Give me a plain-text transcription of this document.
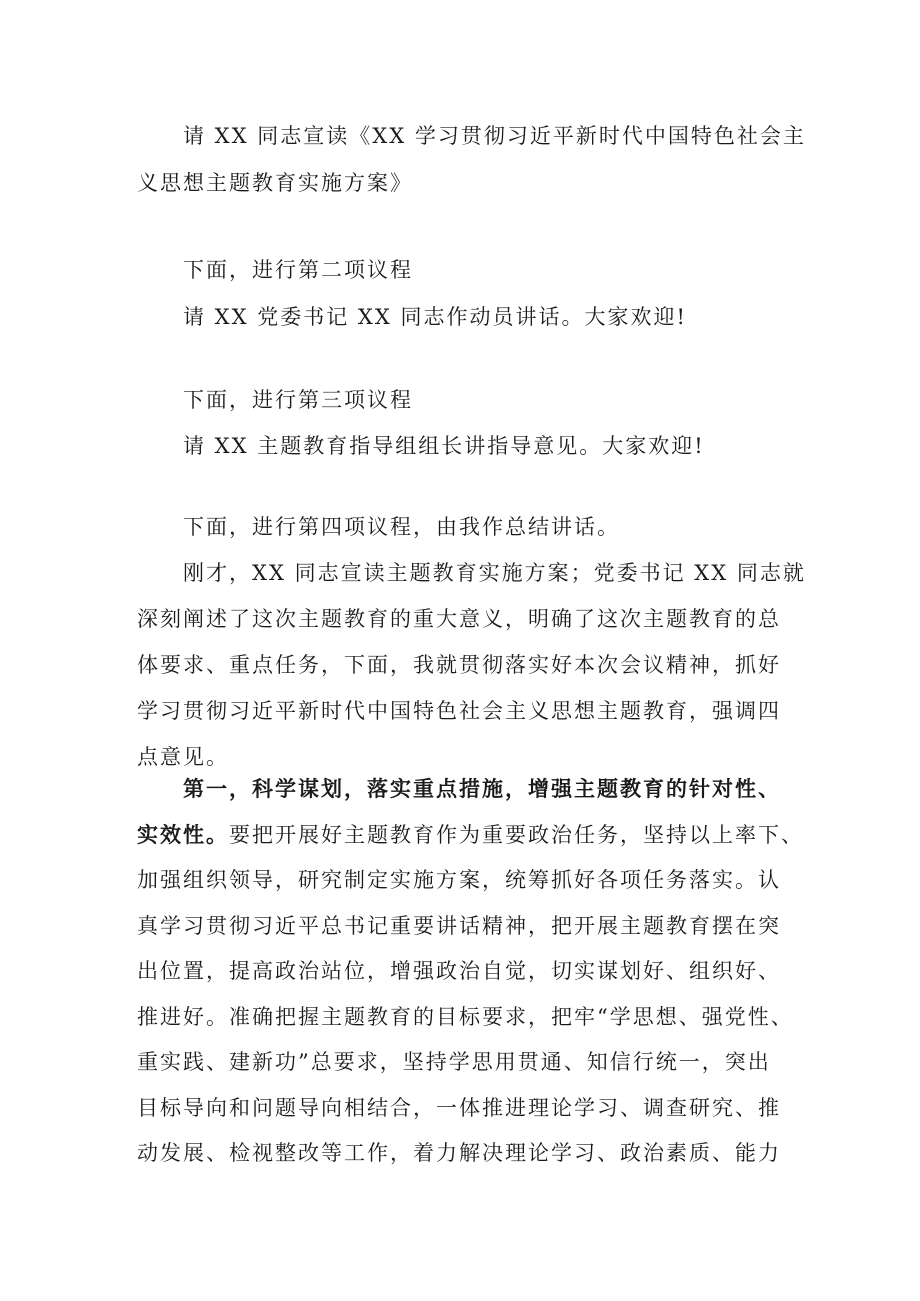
请 XX 同志宣读《XX 学习贯彻习近平新时代中国特色社会主
义思想主题教育实施方案》
下面，进行第二项议程
请 XX 党委书记 XX 同志作动员讲话。大家欢迎!
下面，进行第三项议程
请 XX 主题教育指导组组长讲指导意见。大家欢迎!
下面，进行第四项议程，由我作总结讲话。
刚才，XX 同志宣读主题教育实施方案；党委书记 XX 同志就
深刻阐述了这次主题教育的重大意义，明确了这次主题教育的总
体要求、重点任务，下面，我就贯彻落实好本次会议精神，抓好
学习贯彻习近平新时代中国特色社会主义思想主题教育，强调四
点意见。
第一，科学谋划，落实重点措施，增强主题教育的针对性、
实效性。要把开展好主题教育作为重要政治任务，坚持以上率下、
加强组织领导，研究制定实施方案，统筹抓好各项任务落实。认
真学习贯彻习近平总书记重要讲话精神，把开展主题教育摆在突
出位置，提高政治站位，增强政治自觉，切实谋划好、组织好、
推进好。准确把握主题教育的目标要求，把牢“学思想、强党性、
重实践、建新功”总要求，坚持学思用贯通、知信行统一，突出
目标导向和问题导向相结合，一体推进理论学习、调查研究、推
动发展、检视整改等工作，着力解决理论学习、政治素质、能力
